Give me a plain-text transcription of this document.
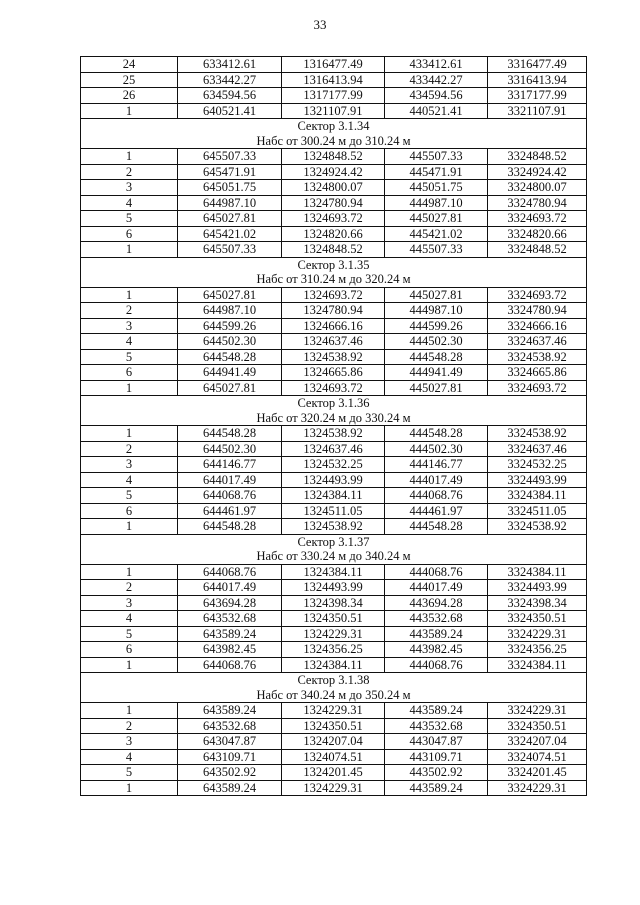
33
24	633412.61	1316477.49	433412.61	3316477.49
25	633442.27	1316413.94	433442.27	3316413.94
26	634594.56	1317177.99	434594.56	3317177.99
1	640521.41	1321107.91	440521.41	3321107.91
Сектор 3.1.34				
Набс от 300.24 м до 310.24 м				
1	645507.33	1324848.52	445507.33	3324848.52
2	645471.91	1324924.42	445471.91	3324924.42
3	645051.75	1324800.07	445051.75	3324800.07
4	644987.10	1324780.94	444987.10	3324780.94
5	645027.81	1324693.72	445027.81	3324693.72
6	645421.02	1324820.66	445421.02	3324820.66
1	645507.33	1324848.52	445507.33	3324848.52
Сектор 3.1.35				
Набс от 310.24 м до 320.24 м				
1	645027.81	1324693.72	445027.81	3324693.72
2	644987.10	1324780.94	444987.10	3324780.94
3	644599.26	1324666.16	444599.26	3324666.16
4	644502.30	1324637.46	444502.30	3324637.46
5	644548.28	1324538.92	444548.28	3324538.92
6	644941.49	1324665.86	444941.49	3324665.86
1	645027.81	1324693.72	445027.81	3324693.72
Сектор 3.1.36				
Набс от 320.24 м до 330.24 м				
1	644548.28	1324538.92	444548.28	3324538.92
2	644502.30	1324637.46	444502.30	3324637.46
3	644146.77	1324532.25	444146.77	3324532.25
4	644017.49	1324493.99	444017.49	3324493.99
5	644068.76	1324384.11	444068.76	3324384.11
6	644461.97	1324511.05	444461.97	3324511.05
1	644548.28	1324538.92	444548.28	3324538.92
Сектор 3.1.37				
Набс от 330.24 м до 340.24 м				
1	644068.76	1324384.11	444068.76	3324384.11
2	644017.49	1324493.99	444017.49	3324493.99
3	643694.28	1324398.34	443694.28	3324398.34
4	643532.68	1324350.51	443532.68	3324350.51
5	643589.24	1324229.31	443589.24	3324229.31
6	643982.45	1324356.25	443982.45	3324356.25
1	644068.76	1324384.11	444068.76	3324384.11
Сектор 3.1.38				
Набс от 340.24 м до 350.24 м				
1	643589.24	1324229.31	443589.24	3324229.31
2	643532.68	1324350.51	443532.68	3324350.51
3	643047.87	1324207.04	443047.87	3324207.04
4	643109.71	1324074.51	443109.71	3324074.51
5	643502.92	1324201.45	443502.92	3324201.45
1	643589.24	1324229.31	443589.24	3324229.31
